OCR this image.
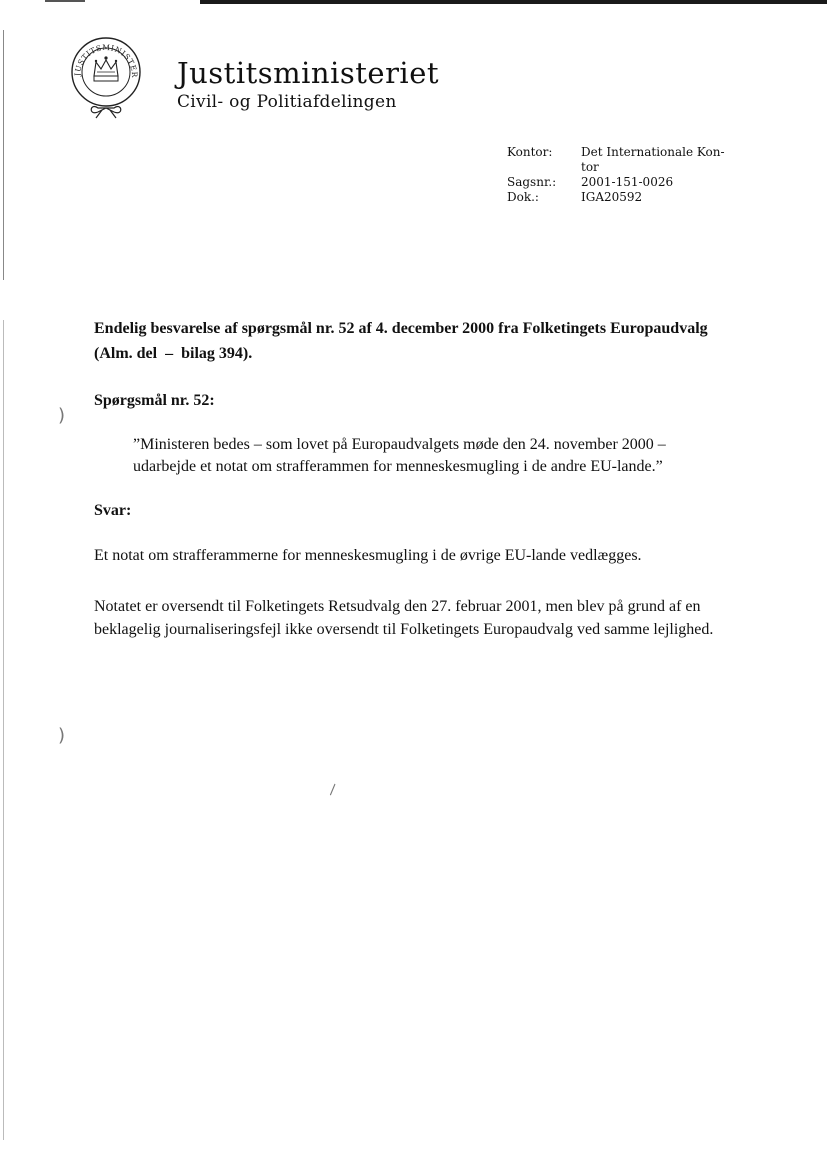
JUSTITSMINISTER Justitsministeriet
Civil- og Politiafdelingen
Kontor:	Det Internationale Kon-
tor
Sagsnr.:	2001-151-0026
Dok.:	IGA20592
Endelig besvarelse af spørgsmål nr. 52 af 4. december 2000 fra Folketingets Europaudvalg
(Alm. del  –  bilag 394).
Spørgsmål nr. 52:
”Ministeren bedes – som lovet på Europaudvalgets møde den 24. november 2000 –
udarbejde et notat om strafferammen for menneskesmugling i de andre EU-lande.”
Svar:
Et notat om strafferammerne for menneskesmugling i de øvrige EU-lande vedlægges.
Notatet er oversendt til Folketingets Retsudvalg den 27. februar 2001, men blev på grund af en
beklagelig journaliseringsfejl ikke oversendt til Folketingets Europaudvalg ved samme lejlighed.
)
)
\
